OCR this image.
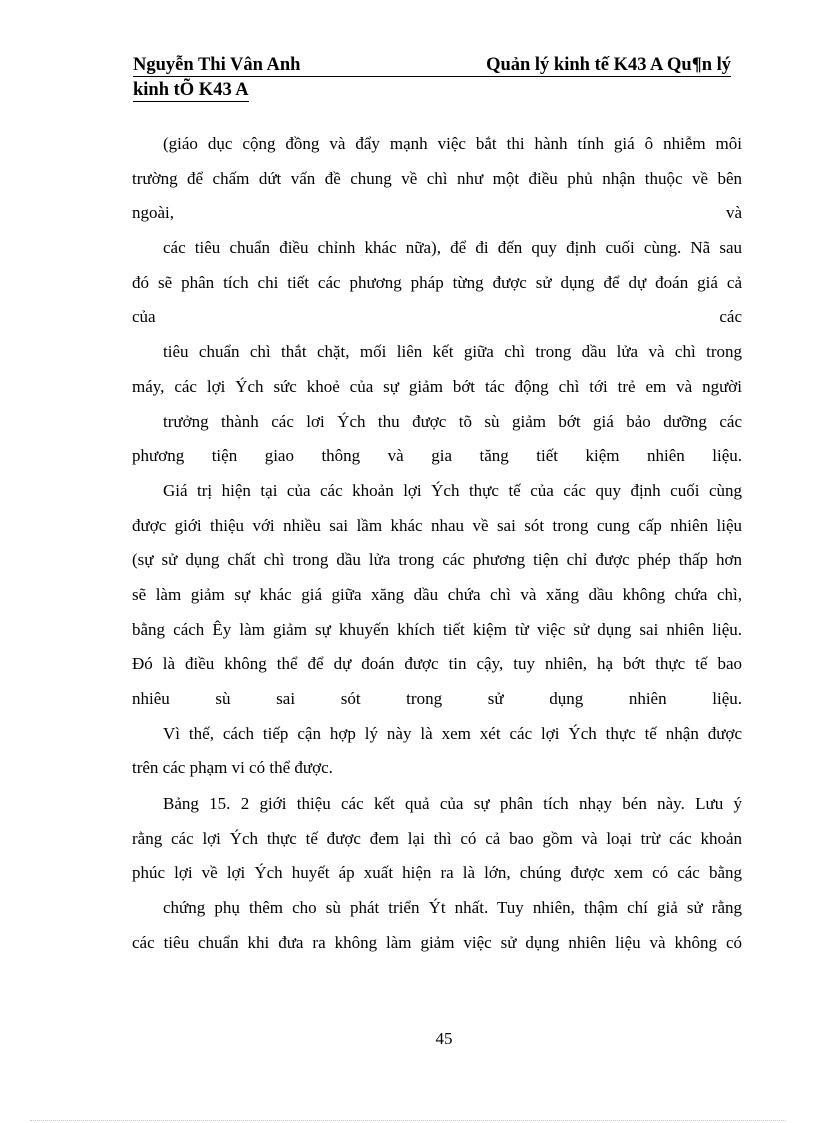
Nguyễn Thi Vân Anh	Quản lý kinh tế K43 A Qu¶n lý
kinh tÕ K43 A
(giáo dục cộng đồng và đẩy mạnh việc bắt thi hành tính giá ô nhiễm môi
trường để chấm dứt vấn đề chung về chì như một điều phủ nhận thuộc về bên
ngoài,	và
các tiêu chuẩn điều chỉnh khác nữa), để đi đến quy định cuối cùng. Nã sau
đó sẽ phân tích chi tiết các phương pháp từng được sử dụng để dự đoán giá cả
của	các
tiêu chuẩn chì thắt chặt, mối liên kết giữa chì trong dầu lửa và chì trong
máy, các lợi Ých sức khoẻ của sự giảm bớt tác động chì tới trẻ em và người
trưởng thành các lơi Ých thu được tõ sù giảm bớt giá bảo dưỡng các
phương tiện giao thông và gia tăng tiết kiệm nhiên liệu.
Giá trị hiện tại của các khoản lợi Ých thực tế của các quy định cuối cùng
được giới thiệu với nhiều sai lầm khác nhau về sai sót trong cung cấp nhiên liệu
(sự sử dụng chất chì trong dầu lửa trong các phương tiện chỉ được phép thấp hơn
sẽ làm giảm sự khác giá giữa xăng dầu chứa chì và xăng dầu không chứa chì,
bằng cách Êy làm giảm sự khuyến khích tiết kiệm từ việc sử dụng sai nhiên liệu.
Đó là điều không thể để dự đoán được tin cậy, tuy nhiên, hạ bớt thực tế bao
nhiêu sù sai sót trong sử dụng nhiên liệu.
Vì thế, cách tiếp cận hợp lý này là xem xét các lợi Ých thực tế nhận được
trên các phạm vi có thể được.
Bảng 15. 2 giới thiệu các kết quả của sự phân tích nhạy bén này. Lưu ý
rằng các lợi Ých thực tế được đem lại thì có cả bao gồm và loại trừ các khoản
phúc lợi về lợi Ých huyết áp xuất hiện ra là lớn, chúng được xem có các bằng
chứng phụ thêm cho sù phát triển Ýt nhất. Tuy nhiên, thậm chí giả sử rằng
các tiêu chuẩn khi đưa ra không làm giảm việc sử dụng nhiên liệu và không có
45
